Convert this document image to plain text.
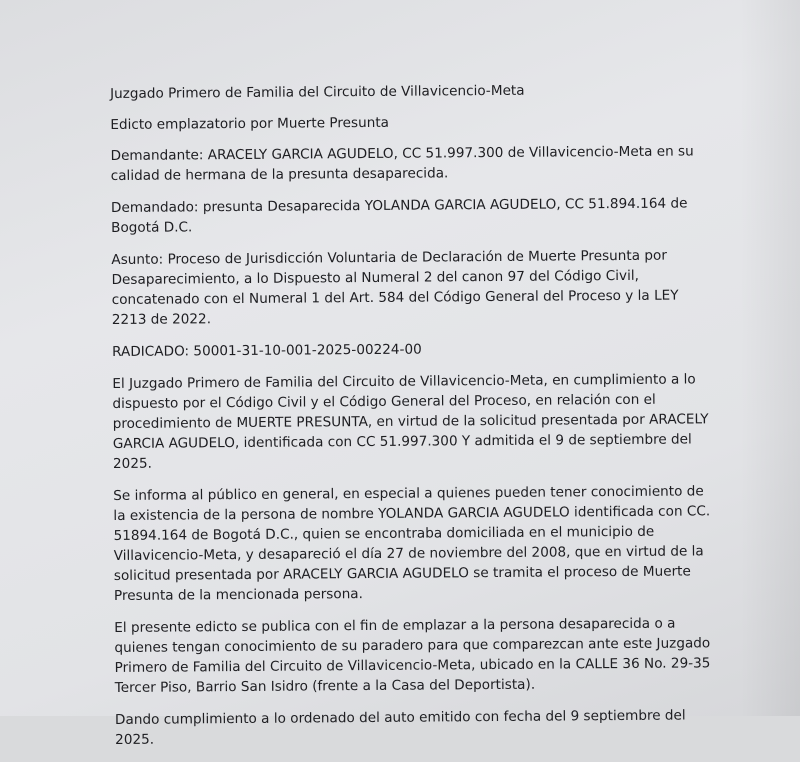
Juzgado Primero de Familia del Circuito de Villavicencio-Meta

Edicto emplazatorio por Muerte Presunta

Demandante: ARACELY GARCIA AGUDELO, CC 51.997.300 de Villavicencio-Meta en su calidad de hermana de la presunta desaparecida.

Demandado: presunta Desaparecida YOLANDA GARCIA AGUDELO, CC 51.894.164 de Bogotá D.C.

Asunto: Proceso de Jurisdicción Voluntaria de Declaración de Muerte Presunta por Desaparecimiento, a lo Dispuesto al Numeral 2 del canon 97 del Código Civil, concatenado con el Numeral 1 del Art. 584 del Código General del Proceso y la LEY 2213 de 2022.

RADICADO: 50001-31-10-001-2025-00224-00

El Juzgado Primero de Familia del Circuito de Villavicencio-Meta, en cumplimiento a lo dispuesto por el Código Civil y el Código General del Proceso, en relación con el procedimiento de MUERTE PRESUNTA, en virtud de la solicitud presentada por ARACELY GARCIA AGUDELO, identificada con CC 51.997.300 Y admitida el 9 de septiembre del 2025.

Se informa al público en general, en especial a quienes pueden tener conocimiento de la existencia de la persona de nombre YOLANDA GARCIA AGUDELO identificada con CC. 51894.164 de Bogotá D.C., quien se encontraba domiciliada en el municipio de Villavicencio-Meta, y desapareció el día 27 de noviembre del 2008, que en virtud de la solicitud presentada por ARACELY GARCIA AGUDELO se tramita el proceso de Muerte Presunta de la mencionada persona.

El presente edicto se publica con el fin de emplazar a la persona desaparecida o a quienes tengan conocimiento de su paradero para que comparezcan ante este Juzgado Primero de Familia del Circuito de Villavicencio-Meta, ubicado en la CALLE 36 No. 29-35 Tercer Piso, Barrio San Isidro (frente a la Casa del Deportista).

Dando cumplimiento a lo ordenado del auto emitido con fecha del 9 septiembre del 2025.
